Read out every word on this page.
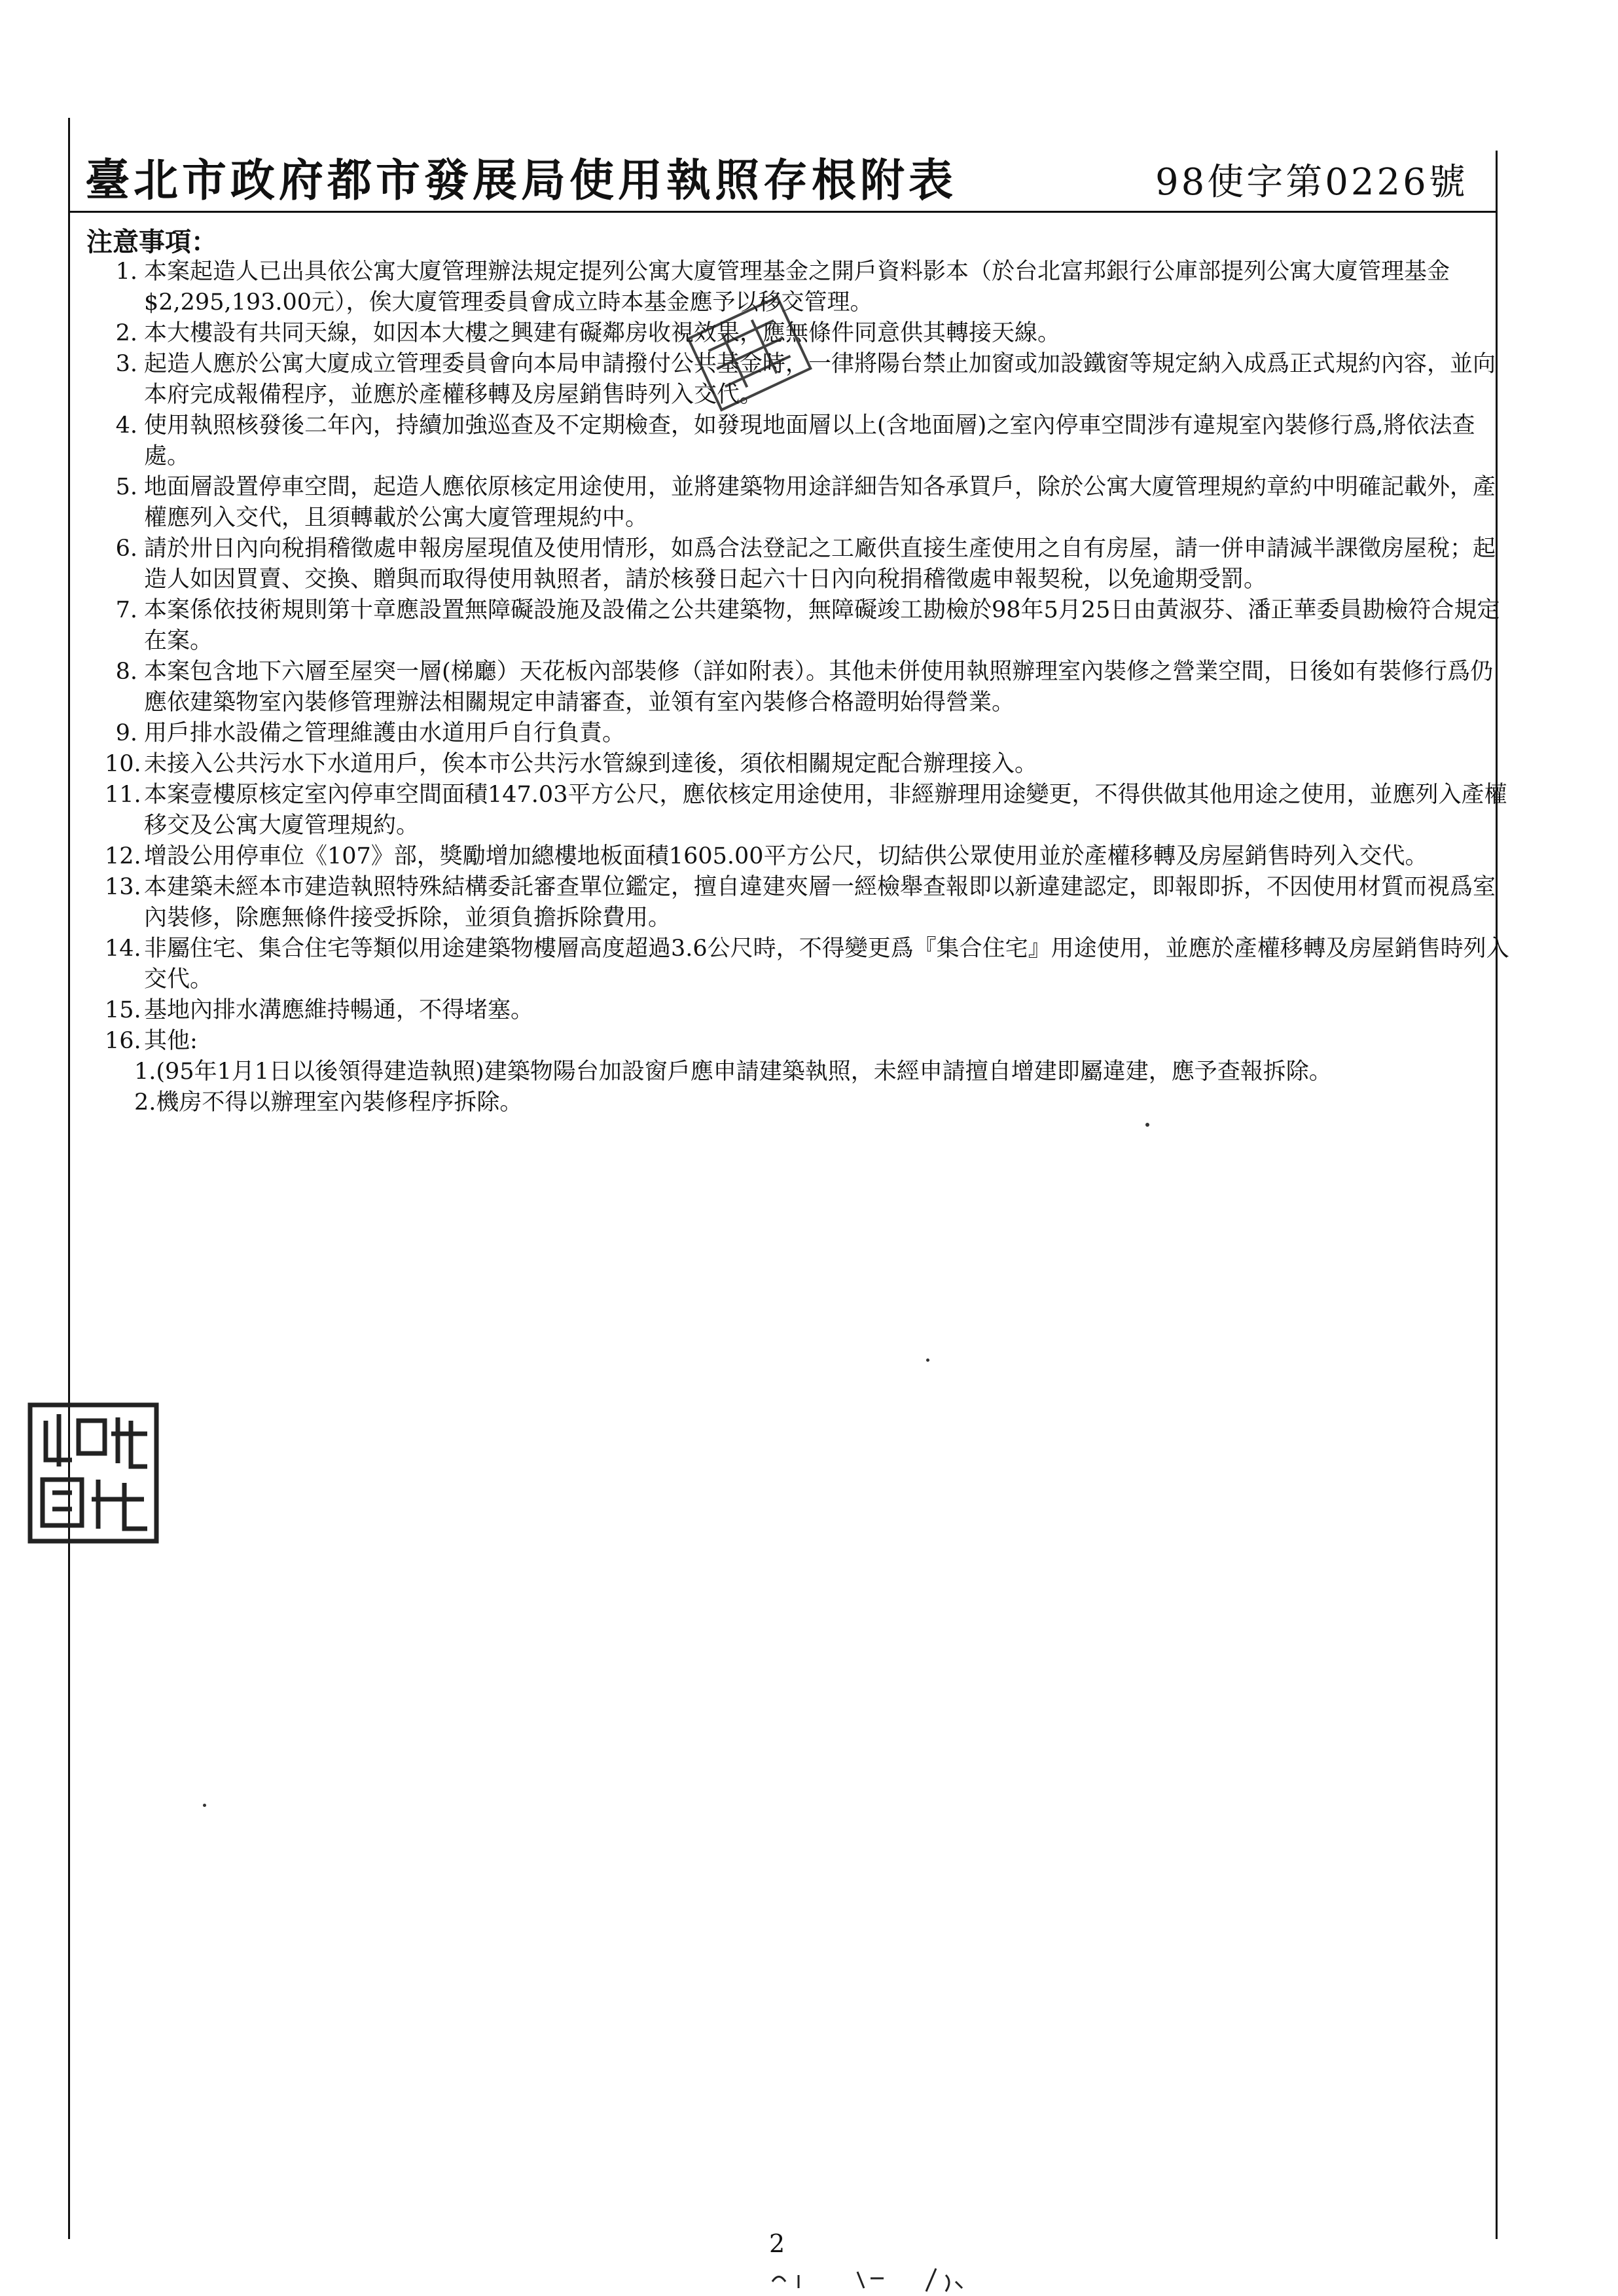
臺北市政府都市發展局使用執照存根附表	98使字第0226號
注意事項：
1. 本案起造人已出具依公寓大廈管理辦法規定提列公寓大廈管理基金之開戶資料影本（於台北富邦銀行公庫部提列公寓大廈管理基金$2,295,193.00元），俟大廈管理委員會成立時本基金應予以移交管理。
2. 本大樓設有共同天線，如因本大樓之興建有礙鄰房收視效果，應無條件同意供其轉接天線。
3. 起造人應於公寓大廈成立管理委員會向本局申請撥付公共基金時，一律將陽台禁止加窗或加設鐵窗等規定納入成爲正式規約內容，並向本府完成報備程序，並應於產權移轉及房屋銷售時列入交代。
4. 使用執照核發後二年內，持續加強巡查及不定期檢查，如發現地面層以上(含地面層)之室內停車空間涉有違規室內裝修行爲,將依法查處。
5. 地面層設置停車空間，起造人應依原核定用途使用，並將建築物用途詳細告知各承買戶，除於公寓大廈管理規約章約中明確記載外，產權應列入交代，且須轉載於公寓大廈管理規約中。
6. 請於卅日內向稅捐稽徵處申報房屋現值及使用情形，如爲合法登記之工廠供直接生產使用之自有房屋，請一併申請減半課徵房屋稅；起造人如因買賣、交換、贈與而取得使用執照者，請於核發日起六十日內向稅捐稽徵處申報契稅，以免逾期受罰。
7. 本案係依技術規則第十章應設置無障礙設施及設備之公共建築物，無障礙竣工勘檢於98年5月25日由黃淑芬、潘正華委員勘檢符合規定在案。
8. 本案包含地下六層至屋突一層(梯廳）天花板內部裝修（詳如附表）。其他未併使用執照辦理室內裝修之營業空間，日後如有裝修行爲仍應依建築物室內裝修管理辦法相關規定申請審查，並領有室內裝修合格證明始得營業。
9. 用戶排水設備之管理維護由水道用戶自行負責。
10. 未接入公共污水下水道用戶，俟本市公共污水管線到達後，須依相關規定配合辦理接入。
11. 本案壹樓原核定室內停車空間面積147.03平方公尺，應依核定用途使用，非經辦理用途變更，不得供做其他用途之使用，並應列入產權移交及公寓大廈管理規約。
12. 增設公用停車位《107》部，獎勵增加總樓地板面積1605.00平方公尺，切結供公眾使用並於產權移轉及房屋銷售時列入交代。
13. 本建築未經本市建造執照特殊結構委託審查單位鑑定，擅自違建夾層一經檢舉查報即以新違建認定，即報即拆，不因使用材質而視爲室內裝修，除應無條件接受拆除，並須負擔拆除費用。
14. 非屬住宅、集合住宅等類似用途建築物樓層高度超過3.6公尺時，不得變更爲『集合住宅』用途使用，並應於產權移轉及房屋銷售時列入交代。
15. 基地內排水溝應維持暢通，不得堵塞。
16. 其他:
1.(95年1月1日以後領得建造執照)建築物陽台加設窗戶應申請建築執照，未經申請擅自增建即屬違建，應予查報拆除。
2.機房不得以辦理室內裝修程序拆除。
2
